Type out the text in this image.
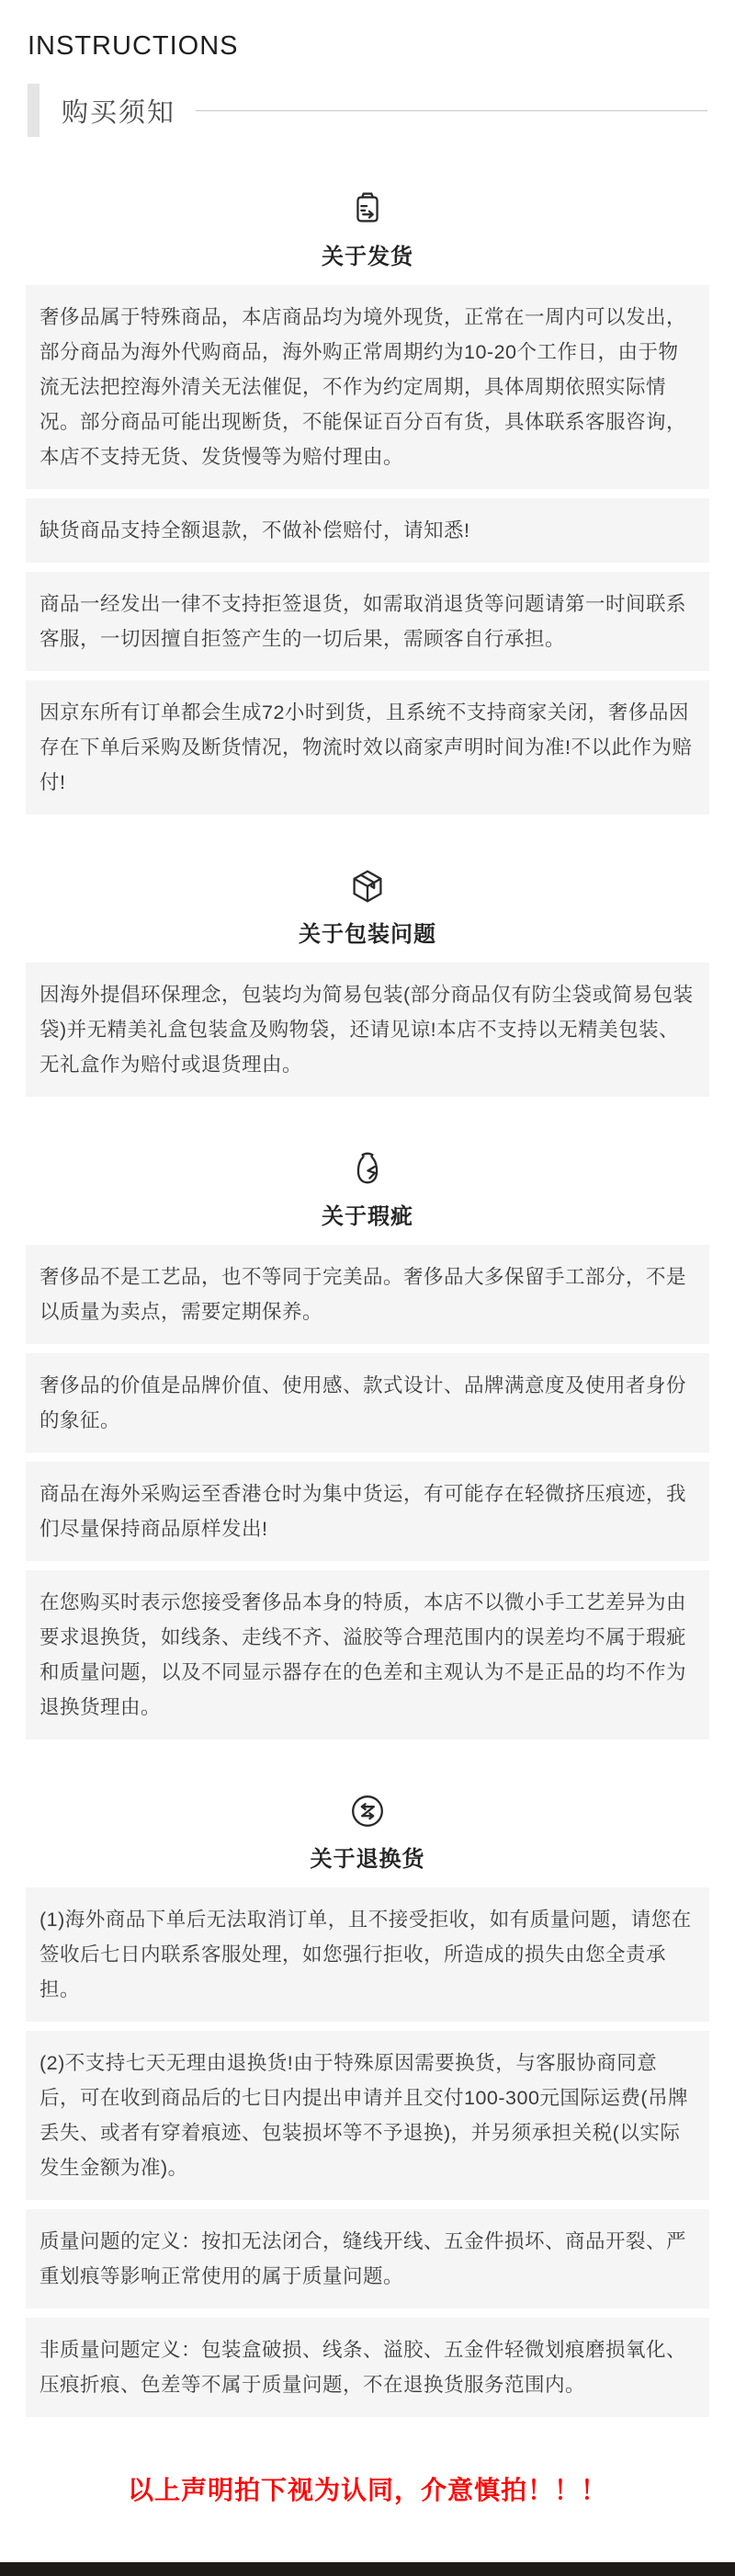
INSTRUCTIONS
购买须知
关于发货
奢侈品属于特殊商品，本店商品均为境外现货，正常在一周内可以发出，部分商品为海外代购商品，海外购正常周期约为10-20个工作日，由于物流无法把控海外清关无法催促，不作为约定周期，具体周期依照实际情况。部分商品可能出现断货，不能保证百分百有货，具体联系客服咨询，本店不支持无货、发货慢等为赔付理由。
缺货商品支持全额退款，不做补偿赔付，请知悉!
商品一经发出一律不支持拒签退货，如需取消退货等问题请第一时间联系客服，一切因擅自拒签产生的一切后果，需顾客自行承担。
因京东所有订单都会生成72小时到货，且系统不支持商家关闭，奢侈品因存在下单后采购及断货情况，物流时效以商家声明时间为准!不以此作为赔付!
关于包装问题
因海外提倡环保理念，包装均为简易包装(部分商品仅有防尘袋或简易包装袋)并无精美礼盒包装盒及购物袋，还请见谅!本店不支持以无精美包装、无礼盒作为赔付或退货理由。
关于瑕疵
奢侈品不是工艺品，也不等同于完美品。奢侈品大多保留手工部分，不是以质量为卖点，需要定期保养。
奢侈品的价值是品牌价值、使用感、款式设计、品牌满意度及使用者身份的象征。
商品在海外采购运至香港仓时为集中货运，有可能存在轻微挤压痕迹，我们尽量保持商品原样发出!
在您购买时表示您接受奢侈品本身的特质，本店不以微小手工艺差异为由要求退换货，如线条、走线不齐、溢胶等合理范围内的误差均不属于瑕疵和质量问题，以及不同显示器存在的色差和主观认为不是正品的均不作为退换货理由。
关于退换货
(1)海外商品下单后无法取消订单，且不接受拒收，如有质量问题，请您在签收后七日内联系客服处理，如您强行拒收，所造成的损失由您全责承担。
(2)不支持七天无理由退换货!由于特殊原因需要换货，与客服协商同意后，可在收到商品后的七日内提出申请并且交付100-300元国际运费(吊牌丢失、或者有穿着痕迹、包装损坏等不予退换)，并另须承担关税(以实际发生金额为准)。
质量问题的定义：按扣无法闭合，缝线开线、五金件损坏、商品开裂、严重划痕等影响正常使用的属于质量问题。
非质量问题定义：包装盒破损、线条、溢胶、五金件轻微划痕磨损氧化、压痕折痕、色差等不属于质量问题，不在退换货服务范围内。
以上声明拍下视为认同，介意慎拍！！！
